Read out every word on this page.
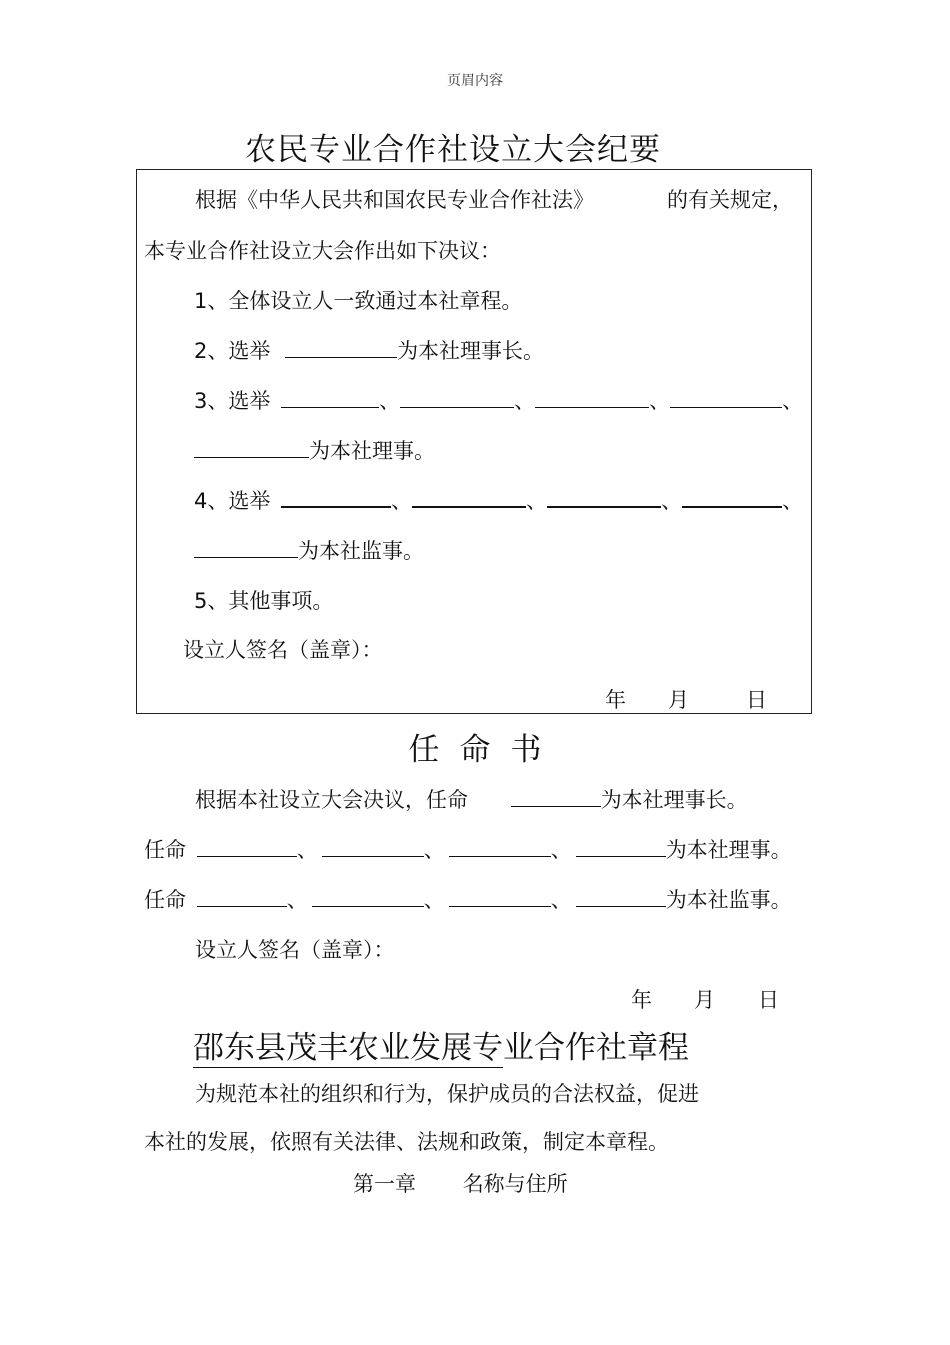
页眉内容
农民专业合作社设立大会纪要
根据《中华人民共和国农民专业合作社法》	的有关规定，
本专业合作社设立大会作出如下决议：
1、全体设立人一致通过本社章程。
2、选举	为本社理事长。
3、选举	、	、	、	、
为本社理事。
4、选举	、	、	、	、
为本社监事。
5、其他事项。
设立人签名（盖章）：
年 月	日
任 命 书
根据本社设立大会决议，任命	为本社理事长。
任命	、	、	、	为本社理事。
任命	、	、	、	为本社监事。
设立人签名（盖章）：
年 月 日
邵东县茂丰农业发展专业合作社章程
为规范本社的组织和行为，保护成员的合法权益，促进
本社的发展，依照有关法律、法规和政策，制定本章程。
第一章 名称与住所
